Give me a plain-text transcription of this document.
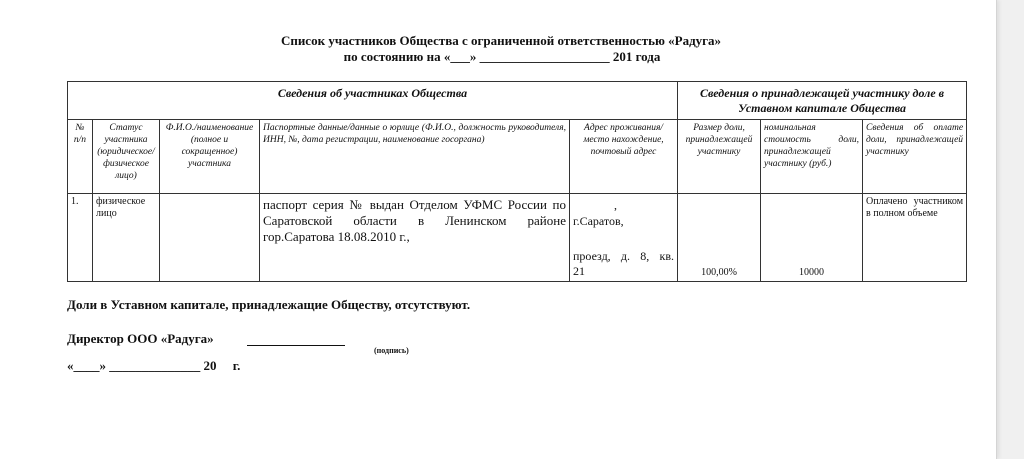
Список участников Общества с ограниченной ответственностью «Радуга»
по состоянию на «___» ____________________ 201 года
Сведения об участниках Общества					Сведения о принадлежащей участнику доле в Уставном капитале Общества		
№ п/п	Статус участника (юридическое/физическое лицо)	Ф.И.О./наименование (полное и сокращенное) участника	Паспортные данные/данные о юрлице (Ф.И.О., должность руководителя, ИНН, №, дата регистрации, наименование госоргана)	Адрес проживания/место нахождение, почтовый адрес	Размер доли, принадлежащей участнику	номинальная стоимость доли, принадлежащей участнику (руб.)	Сведения об оплате доли, принадлежащей участнику
1.	физическое лицо		паспорт серия № выдан Отделом УФМС России по Саратовской области в Ленинском районе гор.Саратова 18.08.2010 г.,	,
г.Саратов,
проезд, д. 8, кв.
21	100,00%	10000	Оплачено участником в полном объеме
Доли в Уставном капитале, принадлежащие Обществу, отсутствуют.
Директор ООО «Радуга»
(подпись)
«____» ______________ 20     г.
